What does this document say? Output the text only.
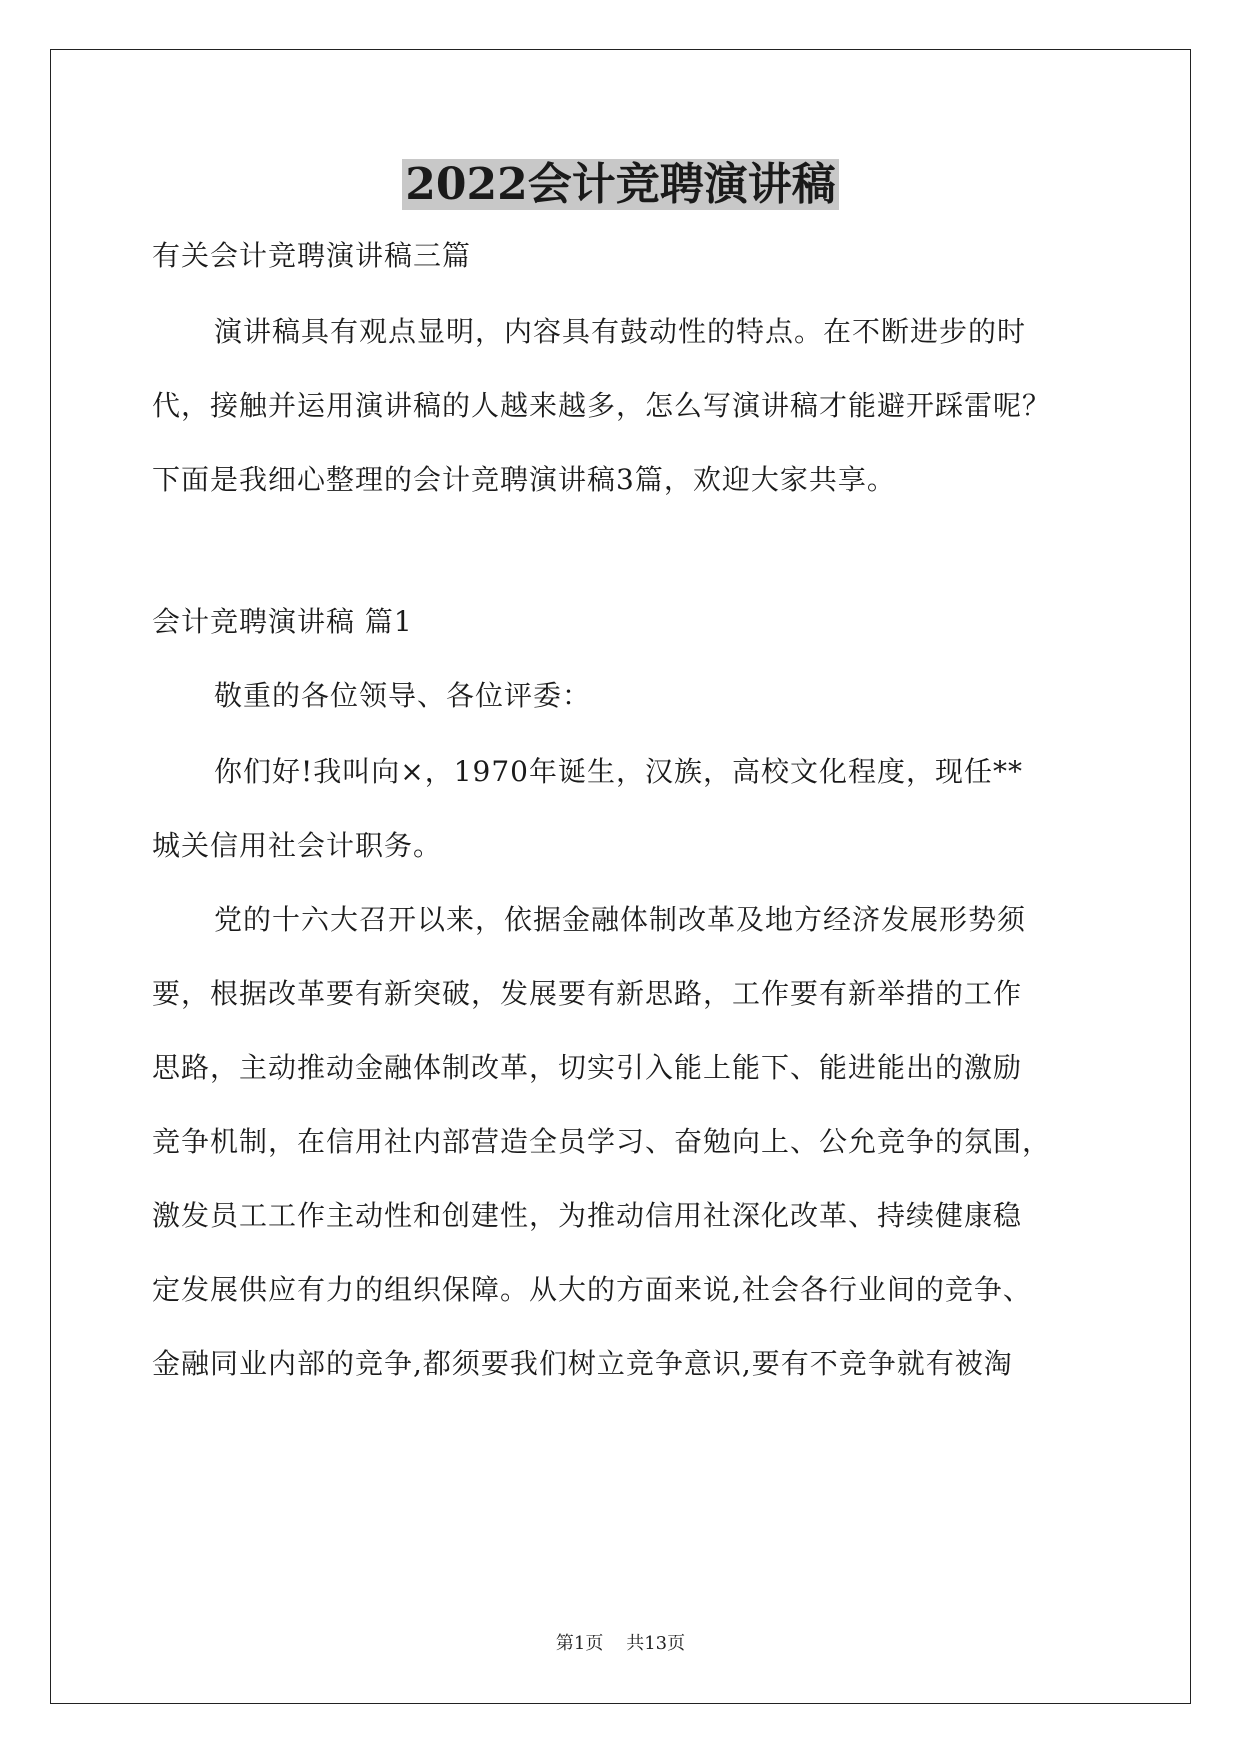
2022会计竞聘演讲稿

有关会计竞聘演讲稿三篇

演讲稿具有观点显明，内容具有鼓动性的特点。在不断进步的时

代，接触并运用演讲稿的人越来越多，怎么写演讲稿才能避开踩雷呢？

下面是我细心整理的会计竞聘演讲稿3篇，欢迎大家共享。

会计竞聘演讲稿 篇1

敬重的各位领导、各位评委：

你们好!我叫向×，1970年诞生，汉族，高校文化程度，现任**

城关信用社会计职务。

党的十六大召开以来，依据金融体制改革及地方经济发展形势须

要，根据改革要有新突破，发展要有新思路，工作要有新举措的工作

思路，主动推动金融体制改革，切实引入能上能下、能进能出的激励

竞争机制，在信用社内部营造全员学习、奋勉向上、公允竞争的氛围，

激发员工工作主动性和创建性，为推动信用社深化改革、持续健康稳

定发展供应有力的组织保障。从大的方面来说,社会各行业间的竞争、

金融同业内部的竞争,都须要我们树立竞争意识,要有不竞争就有被淘

第1页 共13页
